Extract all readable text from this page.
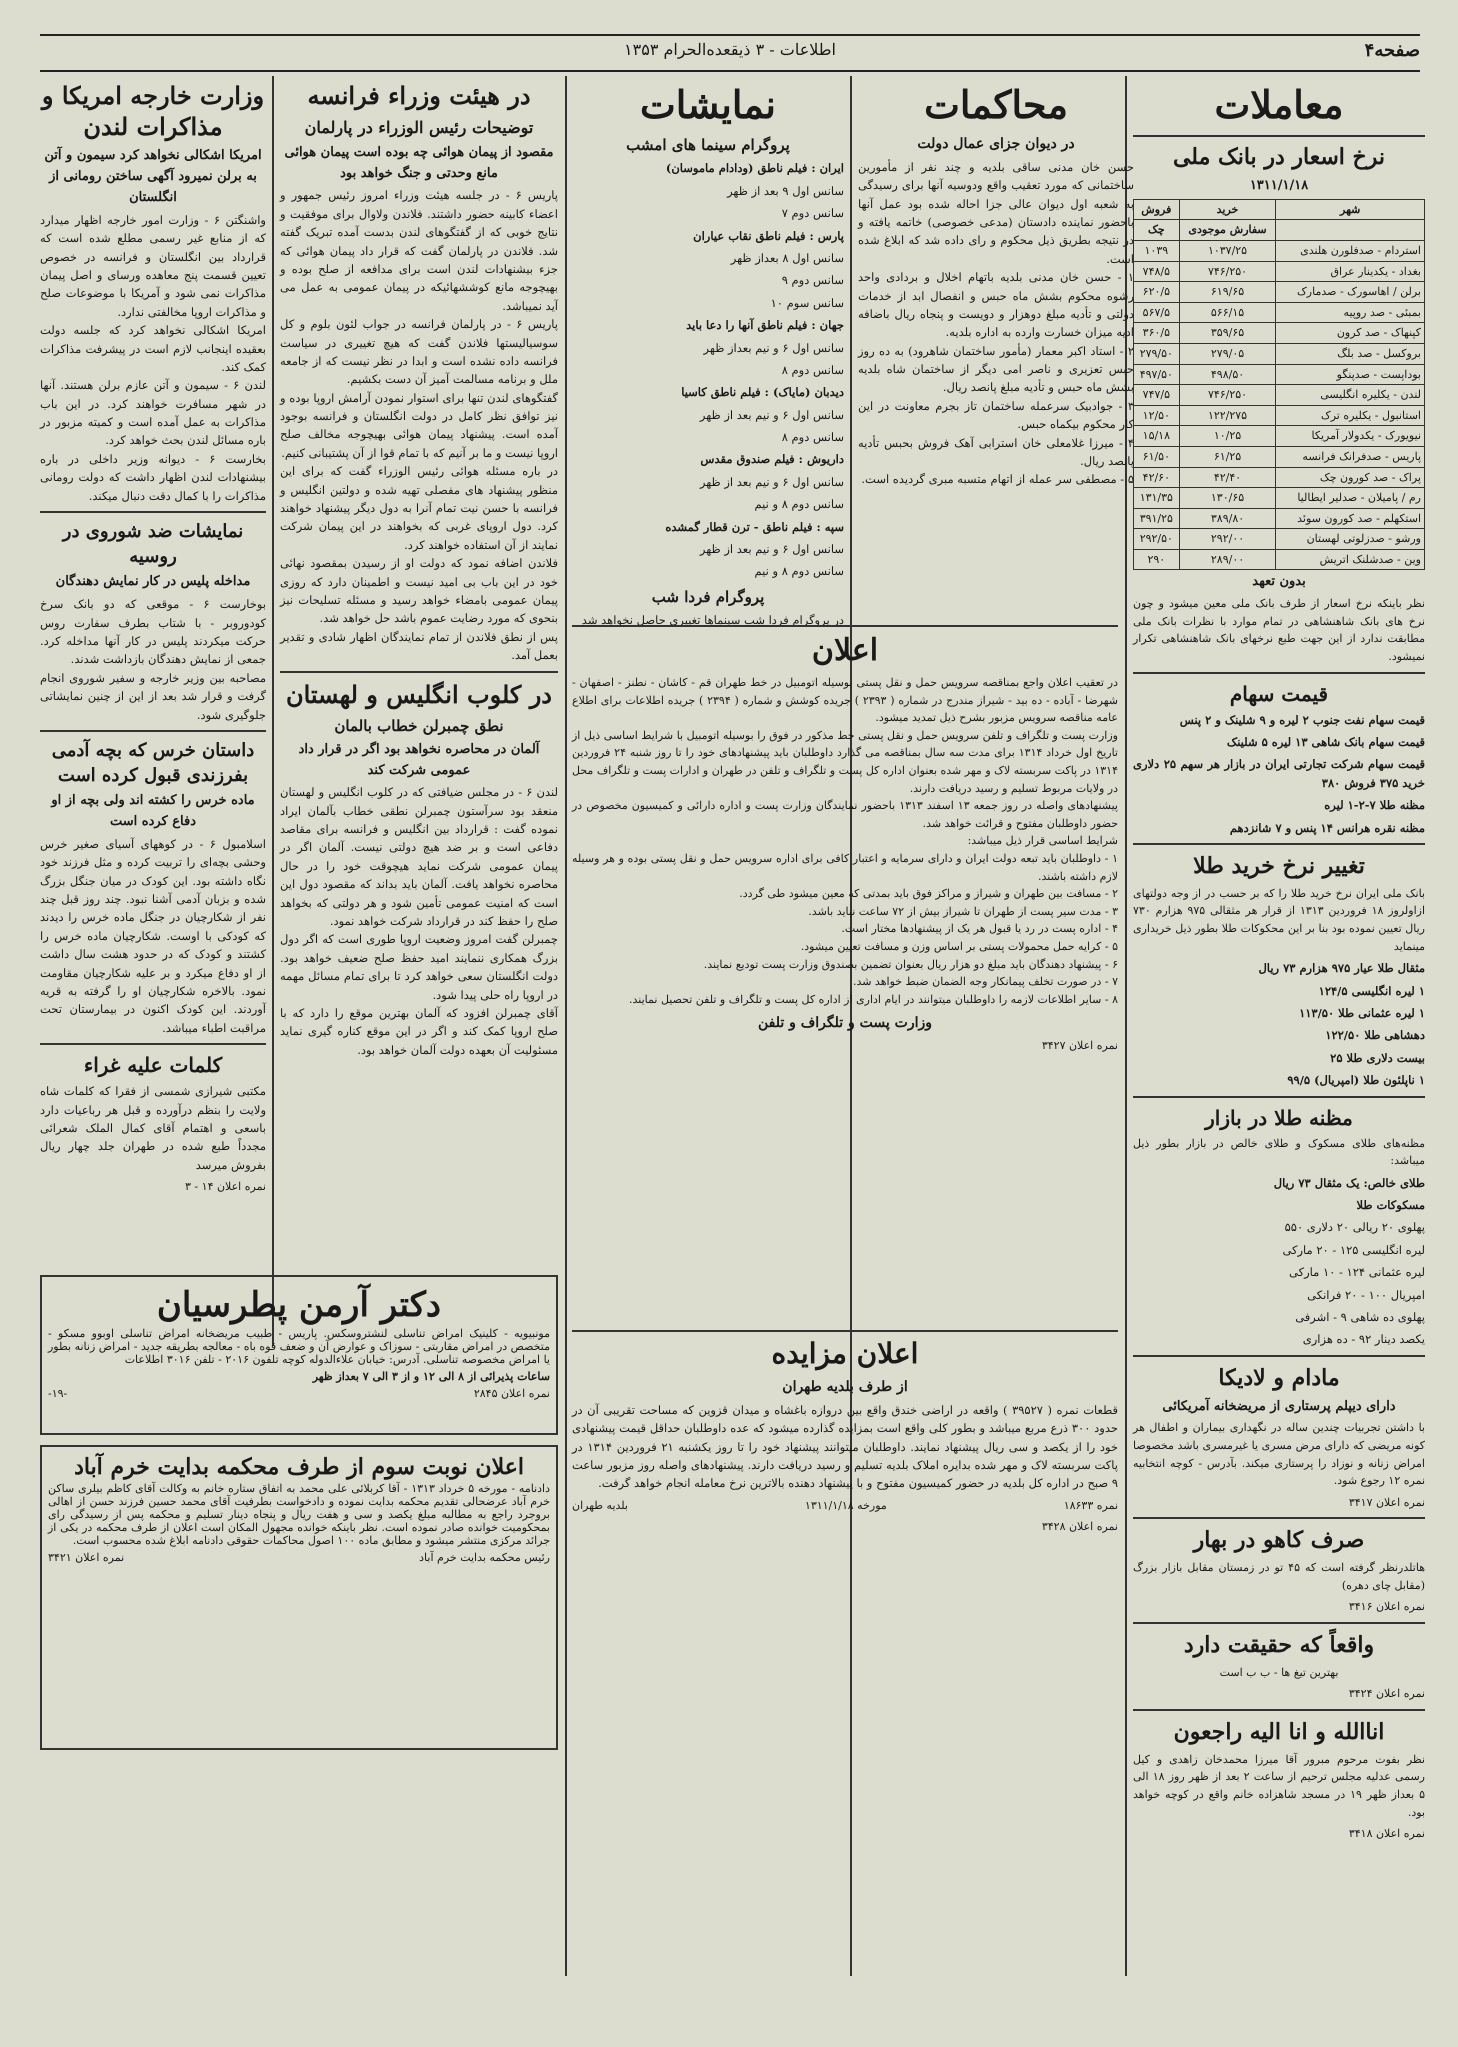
صفحه۴
اطلاعات - ۳ ذیقعده‌الحرام ۱۳۵۳
معاملات
نرخ اسعار در بانک ملی
۱۳۱۱/۱/۱۸
شهر	خرید	فروش
	سفارش موجودی	چک
استردام - صدفلورن هلندی	۱۰۳۷/۲۵	۱۰۳۹
بغداد - یکدینار عراق	۷۴۶/۲۵۰	۷۴۸/۵
برلن / اهاسورک - صدمارک	۶۱۹/۶۵	۶۲۰/۵
بمبئی - صد روپیه	۵۶۶/۱۵	۵۶۷/۵
کپنهاک - صد کرون	۳۵۹/۶۵	۳۶۰/۵
بروکسل - صد بلگ	۲۷۹/۰۵	۲۷۹/۵۰
بوداپست - صدپنگو	۴۹۸/۵۰	۴۹۷/۵۰
لندن - یکلیره انگلیسی	۷۴۶/۲۵۰	۷۴۷/۵
استانبول - یکلیره ترک	۱۲۲/۲۷۵	۱۲/۵۰
نیویورک - یکدولار آمریکا	۱۰/۲۵	۱۵/۱۸
پاریس - صدفرانک فرانسه	۶۱/۲۵	۶۱/۵۰
پراک - صد کورون چک	۴۲/۴۰	۴۲/۶۰
رم / پامیلان - صدلیر ایطالیا	۱۳۰/۶۵	۱۳۱/۳۵
استکهلم - صد کورون سوئد	۳۸۹/۸۰	۳۹۱/۲۵
ورشو - صدزلوتی لهستان	۲۹۲/۰۰	۲۹۲/۵۰
وین - صدشلنک اتریش	۲۸۹/۰۰	۲۹۰
بدون تعهد
نظر باینکه نرخ اسعار از طرف بانک ملی معین میشود و چون نرخ های بانک شاهنشاهی در تمام موارد با نظرات بانک ملی مطابقت ندارد از این جهت طبع نرخهای بانک شاهنشاهی تکرار نمیشود.
قیمت سهام
قیمت سهام نفت جنوب ۲ لیره و ۹ شلینک و ۲ پنس
قیمت سهام بانک شاهی ۱۳ لیره ۵ شلینک
قیمت سهام شرکت تجارتی ایران در بازار هر سهم ۲۵ دلاری خرید ۳۷۵ فروش ۳۸۰
مظنه طلا ۷-۲-۱ لیره
مظنه نقره هرانس ۱۴ پنس و ۷ شانزدهم
تغییر نرخ خرید طلا
بانک ملی ایران نرخ خرید طلا را که بر حسب در از وجه دولتهای ازاولروز ۱۸ فروردین ۱۳۱۳ از قرار هر مثقالی ۹۷۵ هزارم ۷۳۰ ریال تعیین نموده بود بنا بر این محکوکات طلا بطور ذیل خریداری مینماید
مثقال طلا عیار ۹۷۵ هزارم ۷۳ ریال
۱ لیره انگلیسی ۱۲۴/۵
۱ لیره عثمانی طلا ۱۱۳/۵۰
دهشاهی طلا ۱۲۲/۵۰
بیست دلاری طلا ۲۵
۱ ناپلئون طلا (امپریال) ۹۹/۵
مظنه طلا در بازار
مظنه‌های طلای مسکوک و طلای خالص در بازار بطور ذیل میباشد:
طلای خالص: یک مثقال ۷۳ ریال
مسکوکات طلا
پهلوی ۲۰ ریالی ۲۰ دلاری ۵۵۰
لیره انگلیسی ۱۲۵ - ۲۰ مارکی
لیره عثمانی ۱۲۴ - ۱۰ مارکی
امپریال ۱۰۰ - ۲۰ فرانکی
پهلوی ده شاهی ۹ - اشرفی
یکصد دینار ۹۲ - ده هزاری
مادام و لادیکا
دارای دیپلم پرستاری از مریضخانه آمریکائی
با داشتن تجربیات چندین ساله در نگهداری بیماران و اطفال هر کونه مریضی که دارای مرض مسری یا غیرمسری باشد مخصوصا امراض زنانه و نوزاد را پرستاری میکند. بآدرس - کوچه انتخابیه نمره ۱۲ رجوع شود.
نمره اعلان ۳۴۱۷
صرف کاهو در بهار
هاتلدرنظر گرفته است که ۴۵ تو در زمستان مقابل بازار بزرگ (مقابل چای دهره)
نمره اعلان ۳۴۱۶
واقعاً که حقیقت دارد
بهترین تیغ ها - ب ب است
نمره اعلان ۳۴۲۴
اناالله و انا الیه راجعون
نظر بفوت مرحوم مبرور آقا میرزا محمدخان زاهدی و کیل رسمی عدلیه مجلس ترحیم از ساعت ۲ بعد از ظهر روز ۱۸ الی ۵ بعداز ظهر ۱۹ در مسجد شاهزاده خانم واقع در کوچه خواهد بود.
نمره اعلان ۳۴۱۸
محاکمات
در دیوان جزای عمال دولت
حسن خان مدنی ساقی بلدیه و چند نفر از مأمورین ساختمانی که مورد تعقیب واقع ودوسیه آنها برای رسیدگی به شعبه اول دیوان عالی جزا احاله شده بود عمل آنها باحضور نماینده دادستان (مدعی خصوصی) خاتمه یافته و در نتیجه بطریق ذیل محکوم و رای داده شد که ابلاغ شده است.
۱ - حسن خان مدنی بلدیه باتهام اخلال و بردادی واحد رشوه محکوم بشش ماه حبس و انفصال ابد از خدمات دولتی و تأدیه مبلغ دوهزار و دویست و پنجاه ریال باضافه ادیه میزان خسارت وارده به اداره بلدیه.
۲ - استاد اکبر معمار (مأمور ساختمان شاهرود) به ده روز حبس تعزیری و ناصر امی دیگر از ساختمان شاه بلدیه بشش ماه حبس و تأدیه مبلغ پانصد ریال.
۳ - جوادبیک سرعمله ساختمان تاز بجرم معاونت در این کار محکوم بیکماه حبس.
۴ - میرزا غلامعلی خان استرابی آهک فروش بحبس تأدیه پانصد ریال.
۵ - مصطفی سر عمله از اتهام متسبه مبری گردیده است.
نمایشات
پروگرام سینما های امشب
ایران : فیلم ناطق (ودادام ماموسان)
سانس اول ۹ بعد از ظهر
سانس دوم ۷
پارس : فیلم ناطق نقاب عیاران
سانس اول ۸ بعداز ظهر
سانس دوم ۹
سانس سوم ۱۰
جهان : فیلم ناطق آنها را دعا باید
سانس اول ۶ و نیم بعداز ظهر
سانس دوم ۸
دیدبان (مایاک) : فیلم ناطق کاسیا
سانس اول ۶ و نیم بعد از ظهر
سانس دوم ۸
داریوش : فیلم صندوق مقدس
سانس اول ۶ و نیم بعد از ظهر
سانس دوم ۸ و نیم
سپه : فیلم ناطق - ترن قطار گمشده
سانس اول ۶ و نیم بعد از ظهر
سانس دوم ۸ و نیم
پروگرام فردا شب
در پروگرام فردا شب سینماها تغییری حاصل نخواهد شد
اعلان
در تعقیب اعلان واجع بمناقصه سرویس حمل و نقل پستی بوسیله اتومبیل در خط طهران قم - کاشان - نطنز - اصفهان - شهرضا - آباده - ده بید - شیراز مندرج در شماره ( ۲۳۹۳ ) جریده کوشش و شماره ( ۲۳۹۴ ) جریده اطلاعات برای اطلاع عامه مناقصه سرویس مزبور بشرح ذیل تمدید میشود.
وزارت پست و تلگراف و تلفن سرویس حمل و نقل پستی خط مذکور در فوق را بوسیله اتومبیل با شرایط اساسی ذیل از تاریخ اول خرداد ۱۳۱۴ برای مدت سه سال بمناقصه می گذارد داوطلبان باید پیشنهادهای خود را تا روز شنبه ۲۴ فروردین ۱۳۱۴ در پاکت سربسته لاک و مهر شده بعنوان اداره کل پست و تلگراف و تلفن در طهران و ادارات پست و تلگراف محل در ولایات مربوط تسلیم و رسید دریافت دارند.
پیشنهادهای واصله در روز جمعه ۱۳ اسفند ۱۳۱۳ باحضور نمایندگان وزارت پست و اداره دارائی و کمیسیون مخصوص در حضور داوطلبان مفتوح و قرائت خواهد شد.
شرایط اساسی قرار ذیل میباشد:
۱ - داوطلبان باید تبعه دولت ایران و دارای سرمایه و اعتبار کافی برای اداره سرویس حمل و نقل پستی بوده و هر وسیله لازم داشته باشند.
۲ - مسافت بین طهران و شیراز و مراکز فوق باید بمدتی که معین میشود طی گردد.
۳ - مدت سیر پست از طهران تا شیراز بیش از ۷۲ ساعت نباید باشد.
۴ - اداره پست در رد یا قبول هر یک از پیشنهادها مختار است.
۵ - کرایه حمل محمولات پستی بر اساس وزن و مسافت تعیین میشود.
۶ - پیشنهاد دهندگان باید مبلغ دو هزار ریال بعنوان تضمین بصندوق وزارت پست تودیع نمایند.
۷ - در صورت تخلف پیمانکار وجه الضمان ضبط خواهد شد.
۸ - سایر اطلاعات لازمه را داوطلبان میتوانند در ایام اداری از اداره کل پست و تلگراف و تلفن تحصیل نمایند.
وزارت پست و تلگراف و تلفن
نمره اعلان ۳۴۲۷
اعلان مزایده
از طرف بلدیه طهران
قطعات نمره ( ۳۹۵۲۷ ) واقعه در اراضی خندق واقع بین دروازه باغشاه و میدان قزوین که مساحت تقریبی آن در حدود ۳۰۰ ذرع مربع میباشد و بطور کلی واقع است بمزایده گذارده میشود که عده داوطلبان حداقل قیمت پیشنهادی خود را از یکصد و سی ریال پیشنهاد نمایند. داوطلبان میتوانند پیشنهاد خود را تا روز یکشنبه ۲۱ فروردین ۱۳۱۴ در پاکت سربسته لاک و مهر شده بدایره املاک بلدیه تسلیم و رسید دریافت دارند. پیشنهادهای واصله روز مزبور ساعت ۹ صبح در اداره کل بلدیه در حضور کمیسیون مفتوح و با پیشنهاد دهنده بالاترین نرخ معامله انجام خواهد گرفت.
نمره ۱۸۶۳۳
مورخه ۱۳۱۱/۱/۱۸
بلدیه طهران
نمره اعلان ۳۴۲۸
در هیئت وزراء فرانسه
توضیحات رئیس الوزراء در پارلمان
مقصود از پیمان هوائی چه بوده است پیمان هوائی مانع وحدتی و جنگ خواهد بود
پاریس ۶ - در جلسه هیئت وزراء امروز رئیس جمهور و اعضاء کابینه حضور داشتند. فلاندن ولاوال برای موفقیت و نتایج خوبی که از گفتگوهای لندن بدست آمده تبریک گفته شد. فلاندن در پارلمان گفت که قرار داد پیمان هوائی که جزء بیشنهادات لندن است برای مدافعه از صلح بوده و بهیچوجه مانع کوششهائیکه در پیمان عمومی به عمل می آید نمیباشد.
پاریس ۶ - در پارلمان فرانسه در جواب لئون بلوم و کل سوسیالیستها فلاندن گفت که هیچ تغییری در سیاست فرانسه داده نشده است و ابدا در نظر نیست که از جامعه ملل و برنامه مسالمت آمیز آن دست بکشیم.
گفتگوهای لندن تنها برای استوار نمودن آرامش اروپا بوده و نیز توافق نظر کامل در دولت انگلستان و فرانسه بوجود آمده است. پیشنهاد پیمان هوائی بهیچوجه مخالف صلح اروپا نیست و ما بر آنیم که با تمام قوا از آن پشتیبانی کنیم.
در باره مسئله هوائی رئیس الوزراء گفت که برای این منظور پیشنهاد های مفصلی تهیه شده و دولتین انگلیس و فرانسه با حسن نیت تمام آنرا به دول دیگر پیشنهاد خواهند کرد. دول اروپای غربی که بخواهند در این پیمان شرکت نمایند از آن استفاده خواهند کرد.
فلاندن اضافه نمود که دولت او از رسیدن بمقصود نهائی خود در این باب بی امید نیست و اطمینان دارد که روزی پیمان عمومی بامضاء خواهد رسید و مسئله تسلیحات نیز بنحوی که مورد رضایت عموم باشد حل خواهد شد.
پس از نطق فلاندن از تمام نمایندگان اظهار شادی و تقدیر بعمل آمد.
در کلوب انگلیس و لهستان
نطق چمبرلن خطاب بالمان
آلمان در محاصره نخواهد بود اگر در قرار داد عمومی شرکت کند
لندن ۶ - در مجلس ضیافتی که در کلوب انگلیس و لهستان منعقد بود سرآستون چمبرلن نطقی خطاب بآلمان ایراد نموده گفت : قرارداد بین انگلیس و فرانسه برای مقاصد دفاعی است و بر ضد هیچ دولتی نیست. آلمان اگر در پیمان عمومی شرکت نماید هیچوقت خود را در حال محاصره نخواهد یافت. آلمان باید بداند که مقصود دول این است که امنیت عمومی تأمین شود و هر دولتی که بخواهد صلح را حفظ کند در قرارداد شرکت خواهد نمود.
چمبرلن گفت امروز وضعیت اروپا طوری است که اگر دول بزرگ همکاری ننمایند امید حفظ صلح ضعیف خواهد بود. دولت انگلستان سعی خواهد کرد تا برای تمام مسائل مهمه در اروپا راه حلی پیدا شود.
آقای چمبرلن افزود که آلمان بهترین موقع را دارد که با صلح اروپا کمک کند و اگر در این موقع کناره گیری نماید مسئولیت آن بعهده دولت آلمان خواهد بود.
وزارت خارجه امریکا و مذاکرات لندن
امریکا اشکالی نخواهد کرد سیمون و آتن به برلن نمیرود آگهی ساختن رومانی از انگلستان
واشنگتن ۶ - وزارت امور خارجه اظهار میدارد که از منابع غیر رسمی مطلع شده است که قرارداد بین انگلستان و فرانسه در خصوص تعیین قسمت پنج معاهده ورسای و اصل پیمان مذاکرات نمی شود و آمریکا با موضوعات صلح و مذاکرات اروپا مخالفتی ندارد.
امریکا اشکالی نخواهد کرد که جلسه دولت بعقیده اینجانب لازم است در پیشرفت مذاکرات کمک کند.
لندن ۶ - سیمون و آتن عازم برلن هستند. آنها در شهر مسافرت خواهند کرد. در این باب مذاکرات به عمل آمده است و کمیته مزبور در باره مسائل لندن بحث خواهد کرد.
بخارست ۶ - دیوانه وزیر داخلی در باره بیشنهادات لندن اظهار داشت که دولت رومانی مذاکرات را با کمال دقت دنبال میکند.
نمایشات ضد شوروی در روسیه
مداخله پلیس در کار نمایش دهندگان
بوخارست ۶ - موقعی که دو بانک سرخ کودوروبر - با شتاب بطرف سفارت روس حرکت میکردند پلیس در کار آنها مداخله کرد. جمعی از نمایش دهندگان بازداشت شدند.
مصاحبه بین وزیر خارجه و سفیر شوروی انجام گرفت و قرار شد بعد از این از چنین نمایشاتی جلوگیری شود.
داستان خرس که بچه آدمی بفرزندی قبول کرده است
ماده خرس را کشته اند ولی بچه از او دفاع کرده است
اسلامبول ۶ - در کوههای آسیای صغیر خرس وحشی بچه‌ای را تربیت کرده و مثل فرزند خود نگاه داشته بود. این کودک در میان جنگل بزرگ شده و بزبان آدمی آشنا نبود. چند روز قبل چند نفر از شکارچیان در جنگل ماده خرس را دیدند که کودکی با اوست. شکارچیان ماده خرس را کشتند و کودک که در حدود هشت سال داشت از او دفاع میکرد و بر علیه شکارچیان مقاومت نمود. بالاخره شکارچیان او را گرفته به قریه آوردند. این کودک اکنون در بیمارستان تحت مراقبت اطباء میباشد.
کلمات علیه غراء
مکتبی شیرازی شمسی از فقرا که کلمات شاه ولایت را بنظم درآورده و قبل هر رباعیات دارد باسعی و اهتمام آقای کمال الملک شعرائی مجدداً طبع شده در طهران جلد چهار ریال بفروش میرسد
نمره اعلان ۱۴ - ۳
دکتر آرمن پطرسیان
مونبیویه - کلینیک امراض تناسلی لنشتروسکس. پاریس - طبیب مریضخانه امراض تناسلی اوبوو مسکو - متخصص در امراض مقاربتی - سوزاک و عوارض آن و ضعف قوه باه - معالجه بطریقه جدید - امراض زنانه بطور یا امراض مخصوصه تناسلی. آدرس: خیابان علاءالدوله کوچه تلفون ۲۰۱۶ - تلفن ۳۰۱۶ اطلاعات
ساعات پذیرائی از ۸ الی ۱۲ و از ۳ الی ۷ بعداز ظهر
نمره اعلان ۲۸۴۵
-۱۹-
اعلان نوبت سوم از طرف محکمه بدایت خرم آباد
دادنامه - مورخه ۵ خرداد ۱۳۱۳ - آقا کربلائی علی محمد به اتفاق ستاره خانم به وکالت آقای کاظم بیلری ساکن خرم آباد عرضحالی تقدیم محکمه بدایت نموده و دادخواست بطرفیت آقای محمد حسین فرزند حسن از اهالی بروجرد راجع به مطالبه مبلغ یکصد و سی و هفت ریال و پنجاه دینار تسلیم و محکمه پس از رسیدگی رای بمحکومیت خوانده صادر نموده است. نظر باینکه خوانده مجهول المکان است اعلان از طرف محکمه در یکی از جرائد مرکزی منتشر میشود و مطابق ماده ۱۰۰ اصول محاکمات حقوقی دادنامه ابلاغ شده محسوب است.
رئیس محکمه بدایت خرم آباد
نمره اعلان ۳۴۲۱
